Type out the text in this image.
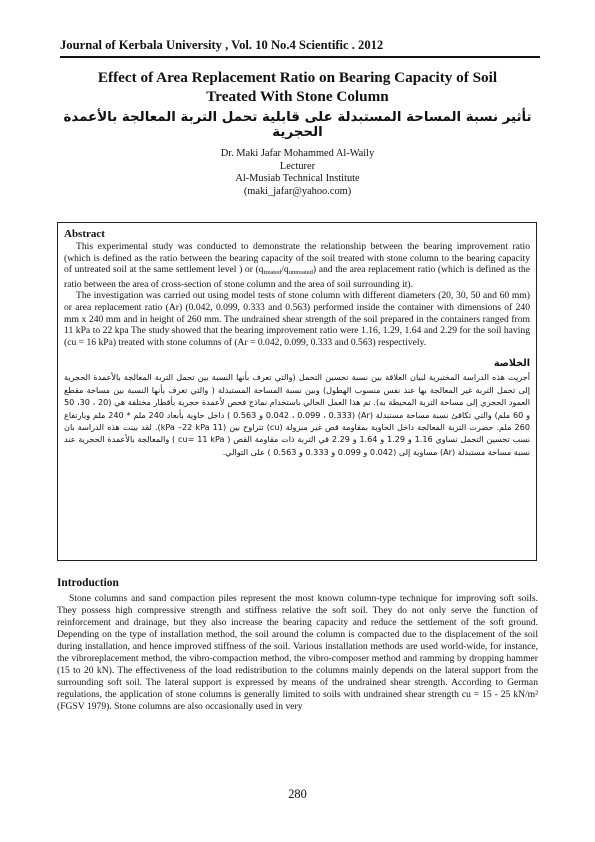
Journal of Kerbala University , Vol. 10 No.4 Scientific . 2012
Effect of Area Replacement Ratio on Bearing Capacity of Soil
Treated With Stone Column
تأثير نسبة المساحة المستبدلة على قابلية تحمل التربة المعالجة بالأعمدة الحجرية
Dr. Maki Jafar Mohammed Al-Waily
Lecturer
Al-Musiab Technical Institute
(maki_jafar@yahoo.com)
Abstract

This experimental study was conducted to demonstrate the relationship between the bearing improvement ratio (which is defined as the ratio between the bearing capacity of the soil treated with stone column to the bearing capacity of untreated soil at the same settlement level ) or $(q_{treated}/q_{untreated})$ and the area replacement ratio (which is defined as the ratio between the area of cross-section of stone column and the area of soil surrounding it).

The investigation was carried out using model tests of stone column with different diameters (20, 30, 50 and 60 mm) or area replacement ratio (Ar) (0.042, 0.099, 0.333 and 0.563) performed inside the container with dimensions of 240 mm x 240 mm and in height of 260 mm. The undrained shear strength of the soil prepared in the containers ranged from 11 kPa to 22 kpa The study showed that the bearing improvement ratio were 1.16, 1.29, 1.64 and 2.29 for the soil having (cu = 16 kPa) treated with stone columns of (Ar = 0.042, 0.099, 0.333 and 0.563) respectively.

الخلاصة

أجريت هذه الدراسة المختبرية لبيان العلاقة بين نسبة تحسين التحمل (والتي تعرف بأنها النسبة بين تحمل التربة المعالجة بالأعمدة الحجرية إلى تحمل التربة غير المعالجة بها عند نفس منسوب الهطول) وبين نسبة المساحة المستبدلة ( والتي تعرف بأنها النسبة بين مساحة مقطع العمود الحجري إلى مساحة التربة المحيطة به). تم هذا العمل الحالي باستخدام نماذج فحص لأعمدة حجرية بأقطار مختلفة هي (20 ، 30، 50 و 60 ملم) والتي تكافئ نسبة مساحة مستبدلة (Ar) (0.042 ، 0.099 ، 0.333 و 0.563 ) داخل حاوية بأبعاد 240 ملم * 240 ملم وبارتفاع 260 ملم. حضرت التربة المعالجة داخل الحاوية بمقاومة قص غير مبزولة (cu) تتراوح بين (11 kPa –22 kPa). لقد بينت هذه الدراسة بان نسب تحسين التحمل تساوي 1.16 و 1.29 و 1.64 و 2.29 في التربة ذات مقاومة القص ( cu= 11 kPa ) والمعالجة بالأعمدة الحجرية عند نسبة مساحة مستبدلة (Ar) مساوية إلى (0.042 و 0.099 و 0.333 و 0.563 ) على التوالي.

Introduction

Stone columns and sand compaction piles represent the most known column-type technique for improving soft soils. They possess high compressive strength and stiffness relative the soft soil. They do not only serve the function of reinforcement and drainage, but they also increase the bearing capacity and reduce the settlement of the soft ground. Depending on the type of installation method, the soil around the column is compacted due to the displacement of the soil during installation, and hence improved stiffness of the soil. Various installation methods are used world-wide, for instance, the vibroreplacement method, the vibro-compaction method, the vibro-composer method and ramming by dropping hammer (15 to 20 kN). The effectiveness of the load redistribution to the columns mainly depends on the lateral support from the surrounding soft soil. The lateral support is expressed by means of the undrained shear strength. According to German regulations, the application of stone columns is generally limited to soils with undrained shear strength cu = 15 - 25 kN/m² (FGSV 1979). Stone columns are also occasionally used in very

280
